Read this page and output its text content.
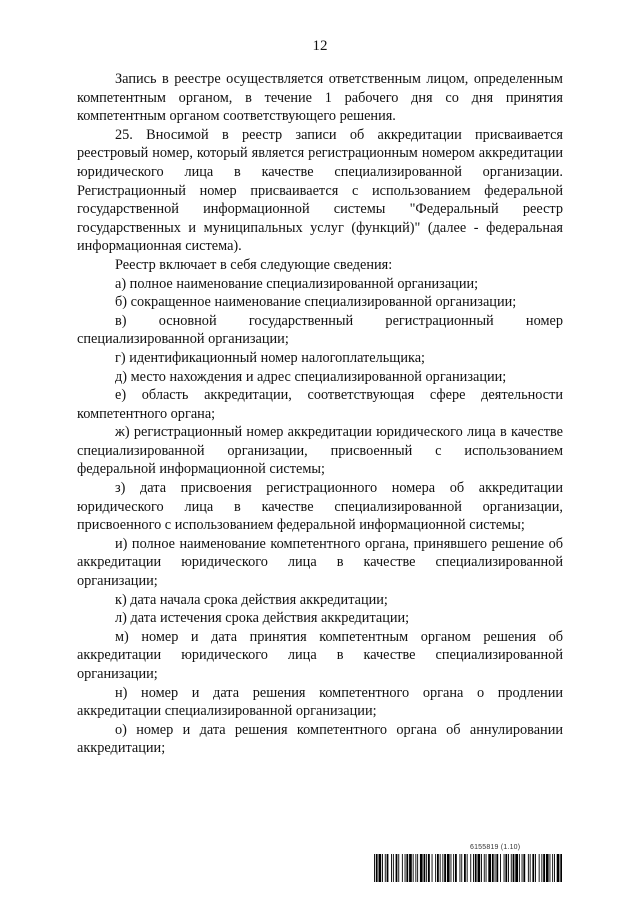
12

Запись в реестре осуществляется ответственным лицом, определенным компетентным органом, в течение 1 рабочего дня со дня принятия компетентным органом соответствующего решения.

25. Вносимой в реестр записи об аккредитации присваивается реестровый номер, который является регистрационным номером аккредитации юридического лица в качестве специализированной организации. Регистрационный номер присваивается с использованием федеральной государственной информационной системы "Федеральный реестр государственных и муниципальных услуг (функций)" (далее - федеральная информационная система).

Реестр включает в себя следующие сведения:

а) полное наименование специализированной организации;

б) сокращенное наименование специализированной организации;

в) основной государственный регистрационный номер специализированной организации;

г) идентификационный номер налогоплательщика;

д) место нахождения и адрес специализированной организации;

е) область аккредитации, соответствующая сфере деятельности компетентного органа;

ж) регистрационный номер аккредитации юридического лица в качестве специализированной организации, присвоенный с использованием федеральной информационной системы;

з) дата присвоения регистрационного номера об аккредитации юридического лица в качестве специализированной организации, присвоенного с использованием федеральной информационной системы;

и) полное наименование компетентного органа, принявшего решение об аккредитации юридического лица в качестве специализированной организации;

к) дата начала срока действия аккредитации;

л) дата истечения срока действия аккредитации;

м) номер и дата принятия компетентным органом решения об аккредитации юридического лица в качестве специализированной организации;

н) номер и дата решения компетентного органа о продлении аккредитации специализированной организации;

о) номер и дата решения компетентного органа об аннулировании аккредитации;

6155819 (1.10)
